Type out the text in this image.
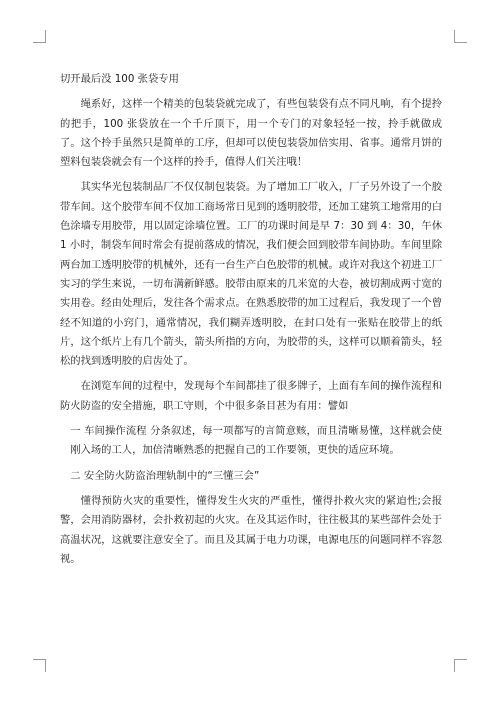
切开最后没 100 张袋专用

绳系好，这样一个精美的包装袋就完成了，有些包装袋有点不同凡响，有个提拎的把手，100 张袋放在一个千斤顶下，用一个专门的对象轻轻一按，拎手就做成了。这个拎手虽然只是简单的工序，但却可以使包装袋加倍实用、省事。通常月饼的塑料包装袋就会有一个这样的拎手，值得人们关注哦！

其实华光包装制品厂不仅仅制包装袋。为了增加工厂收入，厂子另外设了一个胶带车间。这个胶带车间不仅加工商场常日见到的透明胶带，还加工建筑工地常用的白色涂墙专用胶带，用以固定涂墙位置。工厂的功课时间是早 7：30 到 4：30，午休 1 小时，制袋车间时常会有提前落成的情况，我们便会回到胶带车间协助。车间里除两台加工透明胶带的机械外，还有一台生产白色胶带的机械。或许对我这个初进工厂实习的学生来说，一切布满新鲜感。胶带由原来的几米宽的大卷，被切割成两寸宽的实用卷。经由处理后，发往各个需求点。在熟悉胶带的加工过程后，我发现了一个曾经不知道的小窍门，通常情况，我们糊弄透明胶，在封口处有一张贴在胶带上的纸片，这个纸片上有几个箭头，箭头所指的方向，为胶带的头，这样可以顺着箭头，轻松的找到透明胶的启齿处了。

在浏览车间的过程中，发现每个车间都挂了很多牌子，上面有车间的操作流程和防火防盗的安全措施，职工守则，个中很多条目甚为有用：譬如

一 车间操作流程 分条叙述，每一项都写的言简意赅，而且清晰易懂，这样就会使刚入场的工人，加倍清晰熟悉的把握自己的工作要领，更快的适应环境。

二 安全防火防盗治理轨制中的“三懂三会”

懂得预防火灾的重要性，懂得发生火灾的严重性，懂得扑救火灾的紧迫性;会报警，会用消防器材，会扑救初起的火灾。在及其运作时，往往极其的某些部件会处于高温状况，这就要注意安全了。而且及其属于电力功课，电源电压的问题同样不容忽视。
